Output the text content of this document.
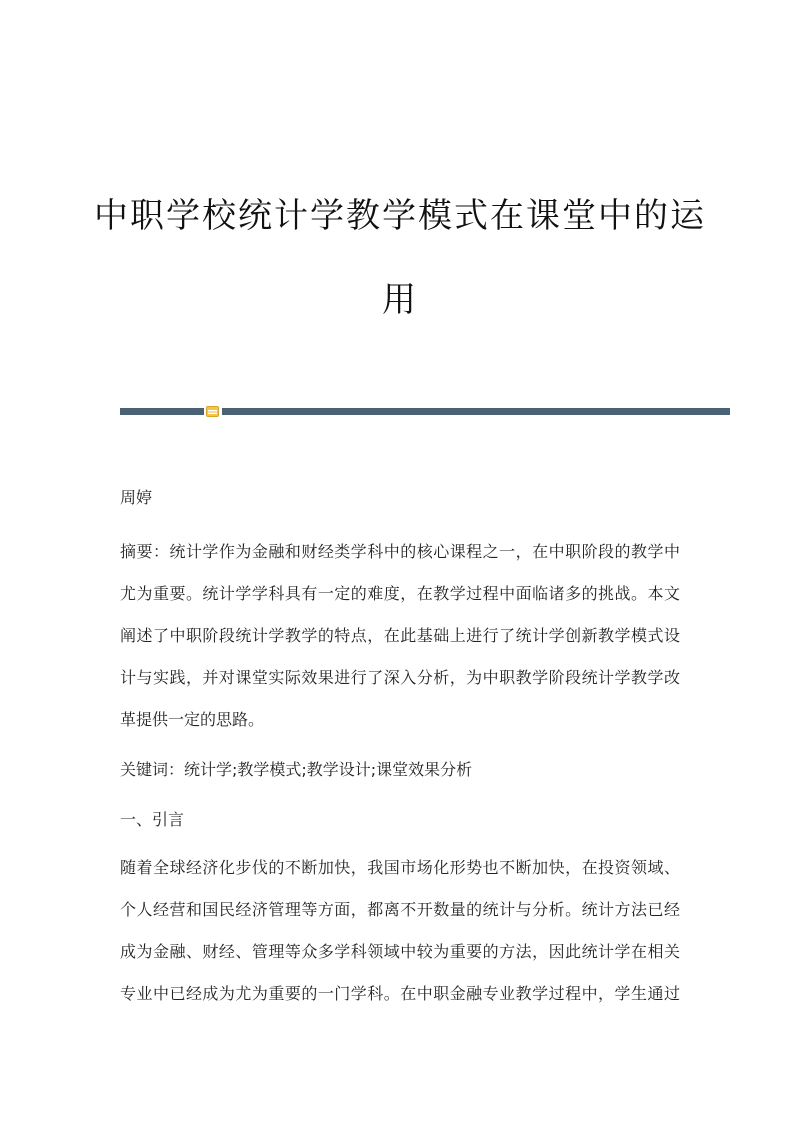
中职学校统计学教学模式在课堂中的运
用
周婷
摘要：统计学作为金融和财经类学科中的核心课程之一，在中职阶段的教学中
尤为重要。统计学学科具有一定的难度，在教学过程中面临诸多的挑战。本文
阐述了中职阶段统计学教学的特点，在此基础上进行了统计学创新教学模式设
计与实践，并对课堂实际效果进行了深入分析，为中职教学阶段统计学教学改
革提供一定的思路。
关键词：统计学;教学模式;教学设计;课堂效果分析
一、引言
随着全球经济化步伐的不断加快，我国市场化形势也不断加快，在投资领域、
个人经营和国民经济管理等方面，都离不开数量的统计与分析。统计方法已经
成为金融、财经、管理等众多学科领域中较为重要的方法，因此统计学在相关
专业中已经成为尤为重要的一门学科。在中职金融专业教学过程中，学生通过
